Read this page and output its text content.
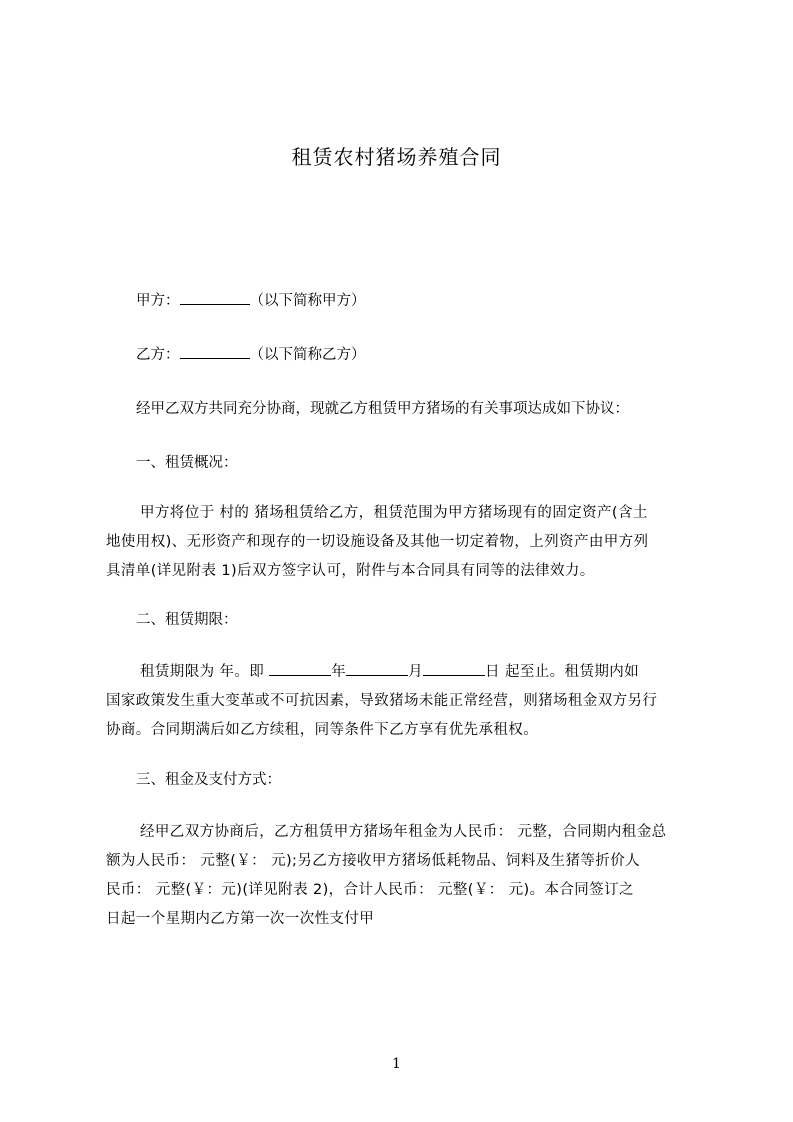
租赁农村猪场养殖合同
甲方：	（以下简称甲方）
乙方：	（以下简称乙方）
经甲乙双方共同充分协商，现就乙方租赁甲方猪场的有关事项达成如下协议：
一、租赁概况：
甲方将位于 村的 猪场租赁给乙方，租赁范围为甲方猪场现有的固定资产(含土
地使用权)、无形资产和现存的一切设施设备及其他一切定着物，上列资产由甲方列
具清单(详见附表 1)后双方签字认可，附件与本合同具有同等的法律效力。
二、租赁期限：
租赁期限为 年。即	年	月	日 起至止。租赁期内如
国家政策发生重大变革或不可抗因素，导致猪场未能正常经营，则猪场租金双方另行
协商。合同期满后如乙方续租，同等条件下乙方享有优先承租权。
三、租金及支付方式：
经甲乙双方协商后，乙方租赁甲方猪场年租金为人民币： 元整，合同期内租金总
额为人民币： 元整(￥： 元);另乙方接收甲方猪场低耗物品、饲料及生猪等折价人
民币： 元整(￥：元)(详见附表 2)，合计人民币： 元整(￥： 元)。本合同签订之
日起一个星期内乙方第一次一次性支付甲
1
